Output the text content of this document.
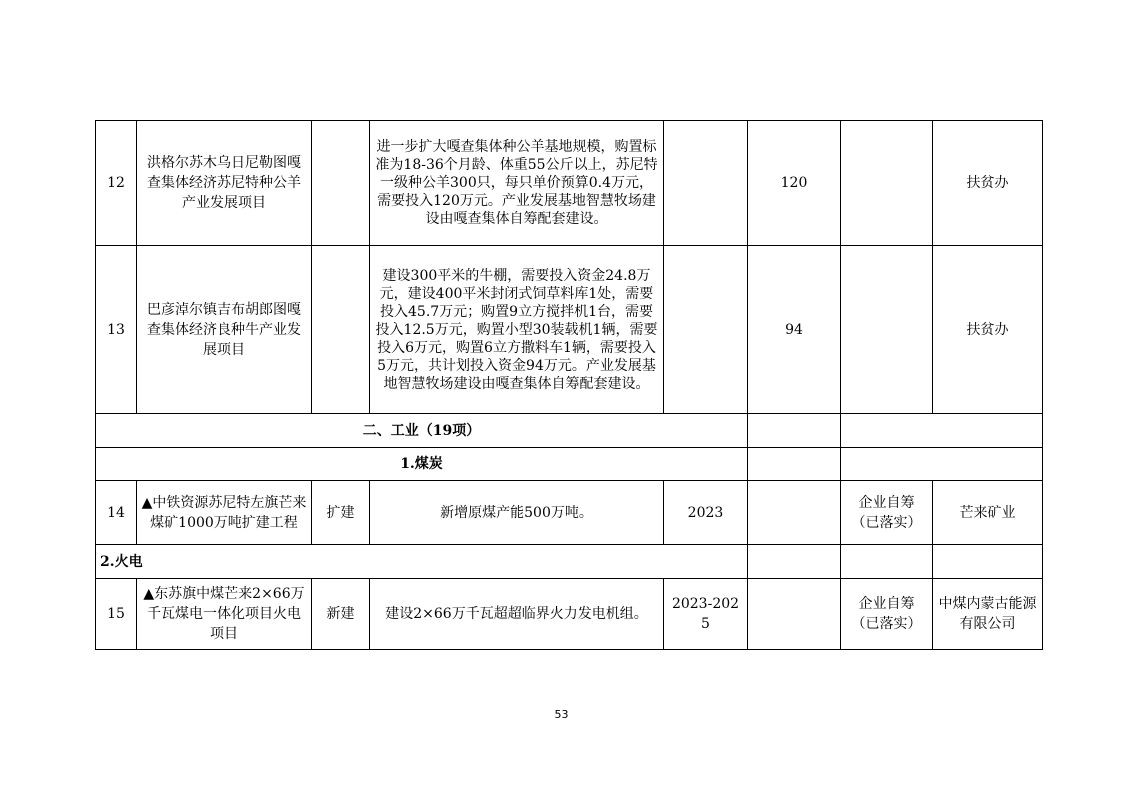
12	洪格尔苏木乌日尼勒图嘎查集体经济苏尼特种公羊产业发展项目		进一步扩大嘎查集体种公羊基地规模，购置标准为18-36个月龄、体重55公斤以上，苏尼特一级种公羊300只，每只单价预算0.4万元，需要投入120万元。产业发展基地智慧牧场建设由嘎查集体自筹配套建设。		120		扶贫办
13	巴彦淖尔镇吉布胡郎图嘎查集体经济良种牛产业发展项目		建设300平米的牛棚，需要投入资金24.8万元，建设400平米封闭式饲草料库1处，需要投入45.7万元；购置9立方搅拌机1台，需要投入12.5万元，购置小型30装载机1辆，需要投入6万元，购置6立方撒料车1辆，需要投入5万元，共计划投入资金94万元。产业发展基地智慧牧场建设由嘎查集体自筹配套建设。		94		扶贫办
二、工业（19项）							
1.煤炭							
14	▲中铁资源苏尼特左旗芒来煤矿1000万吨扩建工程	扩建	新增原煤产能500万吨。	2023		企业自筹（已落实）	芒来矿业
2.火电							
15	▲东苏旗中煤芒来2×66万千瓦煤电一体化项目火电项目	新建	建设2×66万千瓦超超临界火力发电机组。	2023-2025		企业自筹（已落实）	中煤内蒙古能源有限公司
53
